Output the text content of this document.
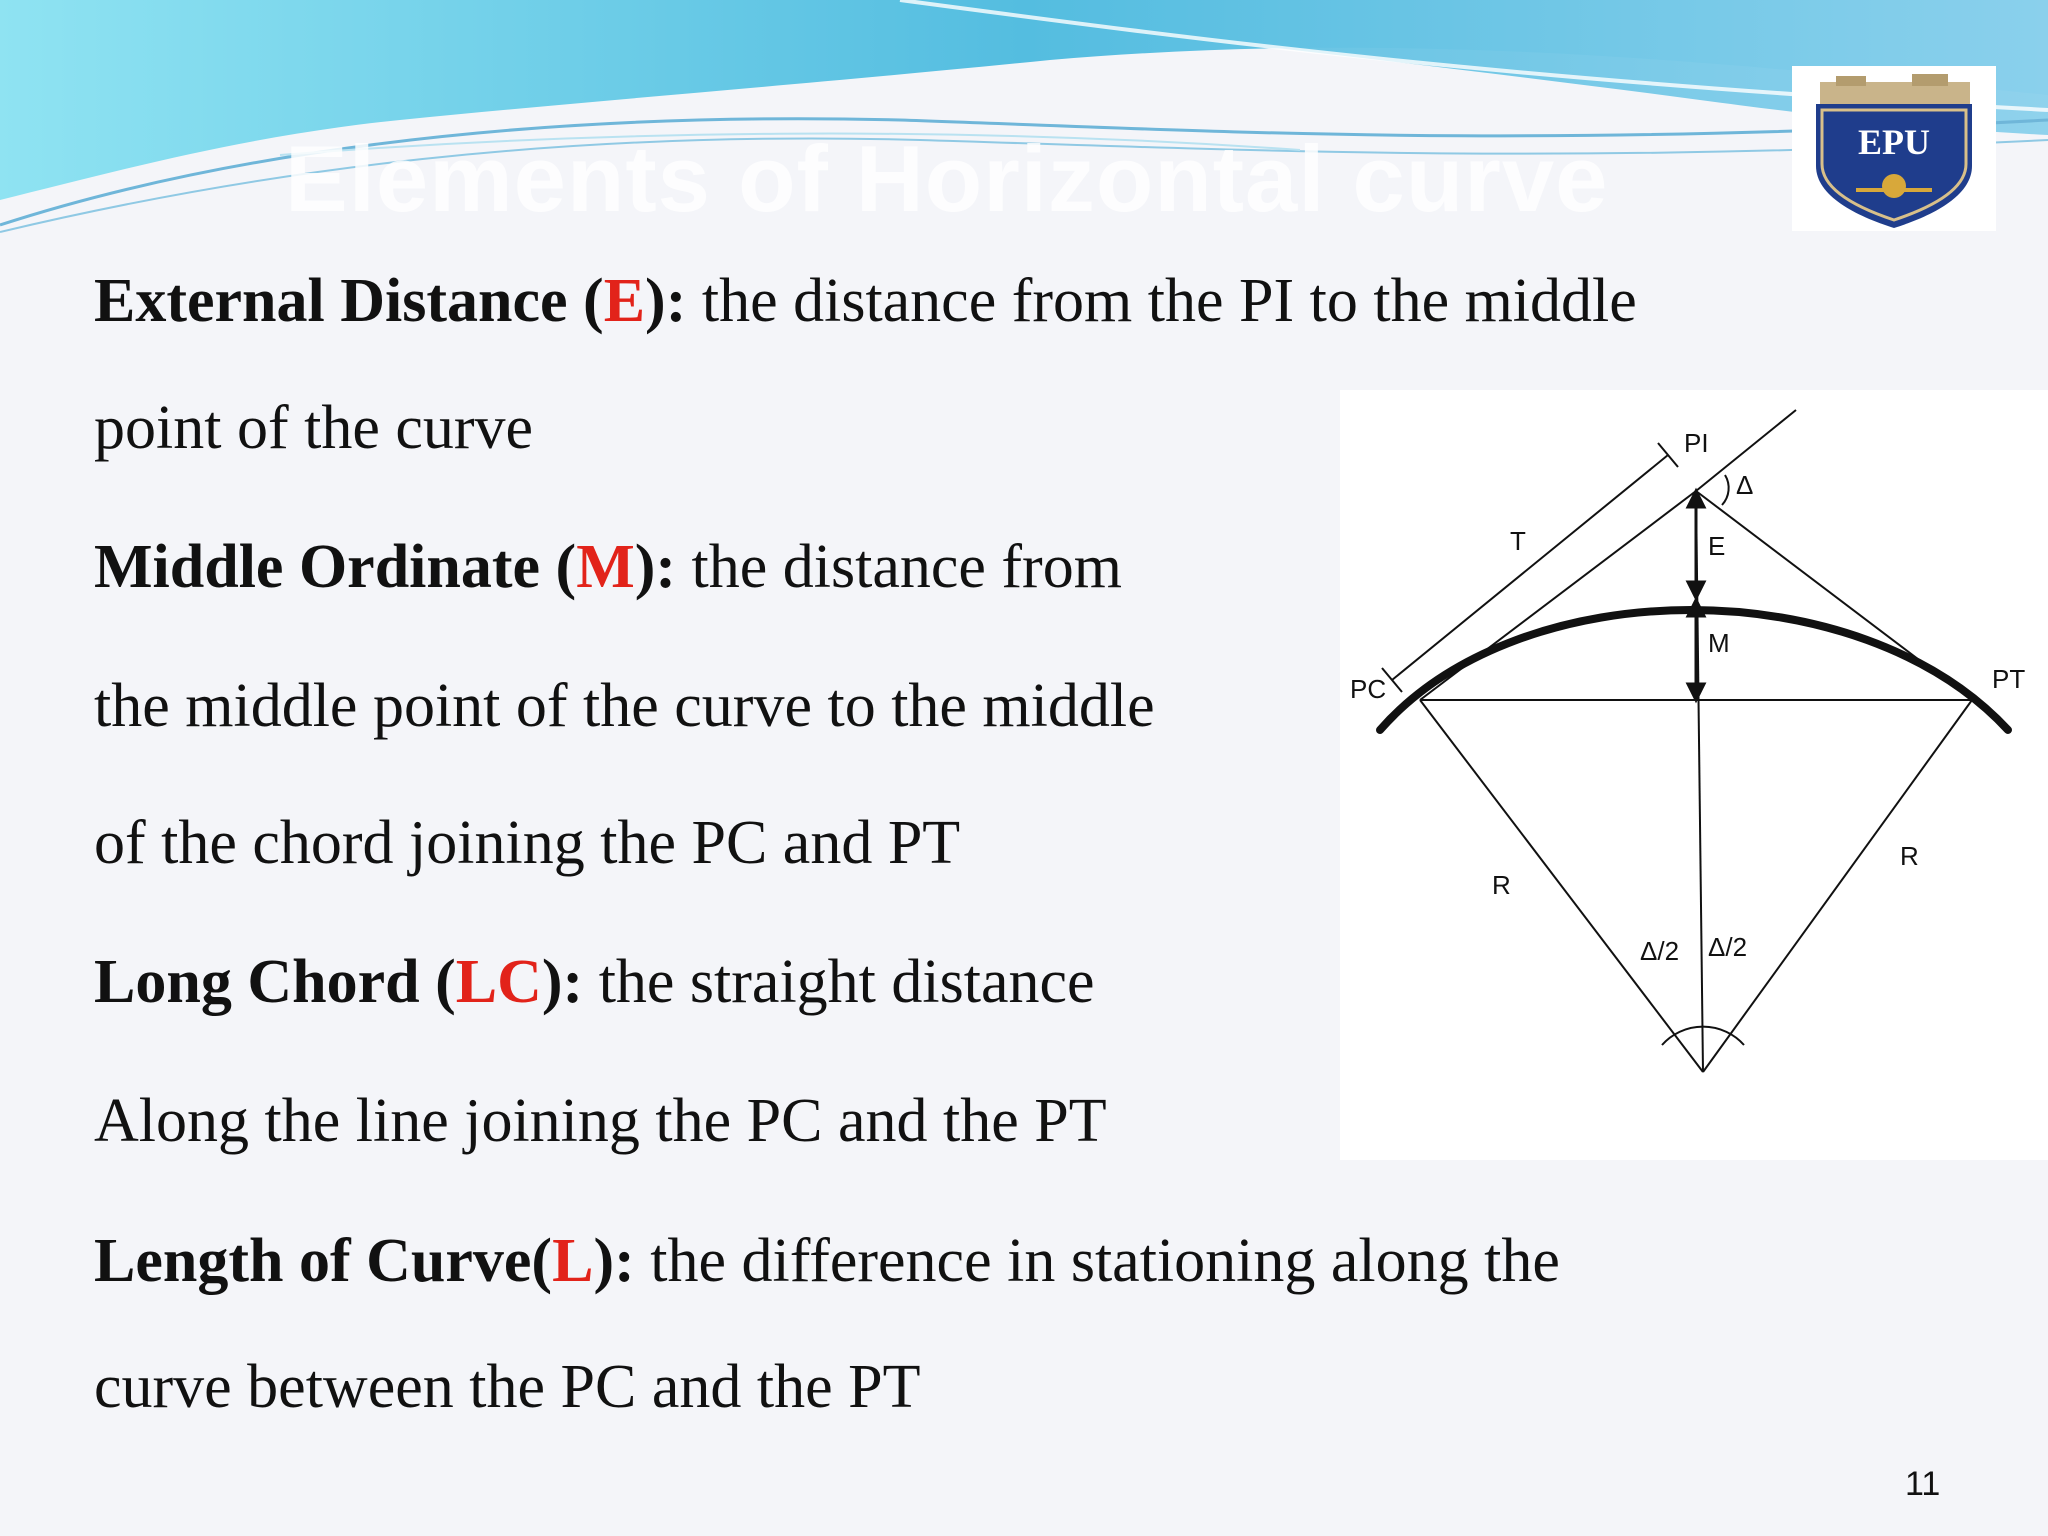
Elements of Horizontal curve	EPU

External Distance (E): the distance from the PI to the middle

point of the curve

Middle Ordinate (M): the distance from

the middle point of the curve to the middle

of the chord joining the PC and PT

Long Chord (LC): the straight distance

Along the line joining the PC and the PT

Length of Curve(L): the difference in stationing along the

curve between the PC and the PT

PI
Δ
T	E
M
PC	PT
R
R
Δ/2 Δ/2
11
